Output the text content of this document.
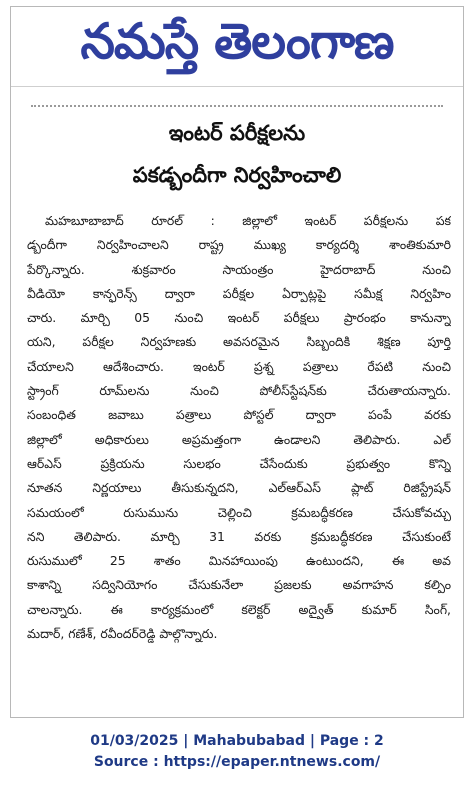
నమస్తే తెలంగాణ
ఇంటర్ పరీక్షలను
పకడ్బందీగా నిర్వహించాలి
మహబూబాబాద్ రూరల్ : జిల్లాలో ఇంటర్ పరీక్షలను పక
డ్బందీగా నిర్వహించాలని రాష్ట్ర ముఖ్య కార్యదర్శి శాంతికుమారి
పేర్కొన్నారు. శుక్రవారం సాయంత్రం హైదరాబాద్ నుంచి
వీడియో కాన్ఫరెన్స్ ద్వారా పరీక్షల ఏర్పాట్లపై సమీక్ష నిర్వహిం
చారు. మార్చి 05 నుంచి ఇంటర్ పరీక్షలు ప్రారంభం కానున్నా
యని, పరీక్షల నిర్వహణకు అవసరమైన సిబ్బందికి శిక్షణ పూర్తి
చేయాలని ఆదేశించారు. ఇంటర్ ప్రశ్న పత్రాలు రేపటి నుంచి
స్ట్రాంగ్ రూమ్‌లను నుంచి పోలీస్‌స్టేషన్‌కు చేరుతాయన్నారు.
సంబంధిత జవాబు పత్రాలు పోస్టల్ ద్వారా పంపే వరకు
జిల్లాలో అధికారులు అప్రమత్తంగా ఉండాలని తెలిపారు. ఎల్
ఆర్ఎస్ ప్రక్రియను సులభం చేసేందుకు ప్రభుత్వం కొన్ని
నూతన నిర్ణయాలు తీసుకున్నదని, ఎల్ఆర్ఎస్ ప్లాట్ రిజిస్ట్రేషన్
సమయంలో రుసుమును చెల్లించి క్రమబద్ధీకరణ చేసుకోవచ్చు
నని తెలిపారు. మార్చి 31 వరకు క్రమబద్ధీకరణ చేసుకుంటే
రుసుములో 25 శాతం మినహాయింపు ఉంటుందని, ఈ అవ
కాశాన్ని సద్వినియోగం చేసుకునేలా ప్రజలకు అవగాహన కల్పిం
చాలన్నారు. ఈ కార్యక్రమంలో కలెక్టర్ అద్వైత్ కుమార్ సింగ్,
మదార్, గణేశ్, రవీందర్‌రెడ్డి పాల్గొన్నారు.
01/03/2025 | Mahabubabad | Page : 2
Source : https://epaper.ntnews.com/
